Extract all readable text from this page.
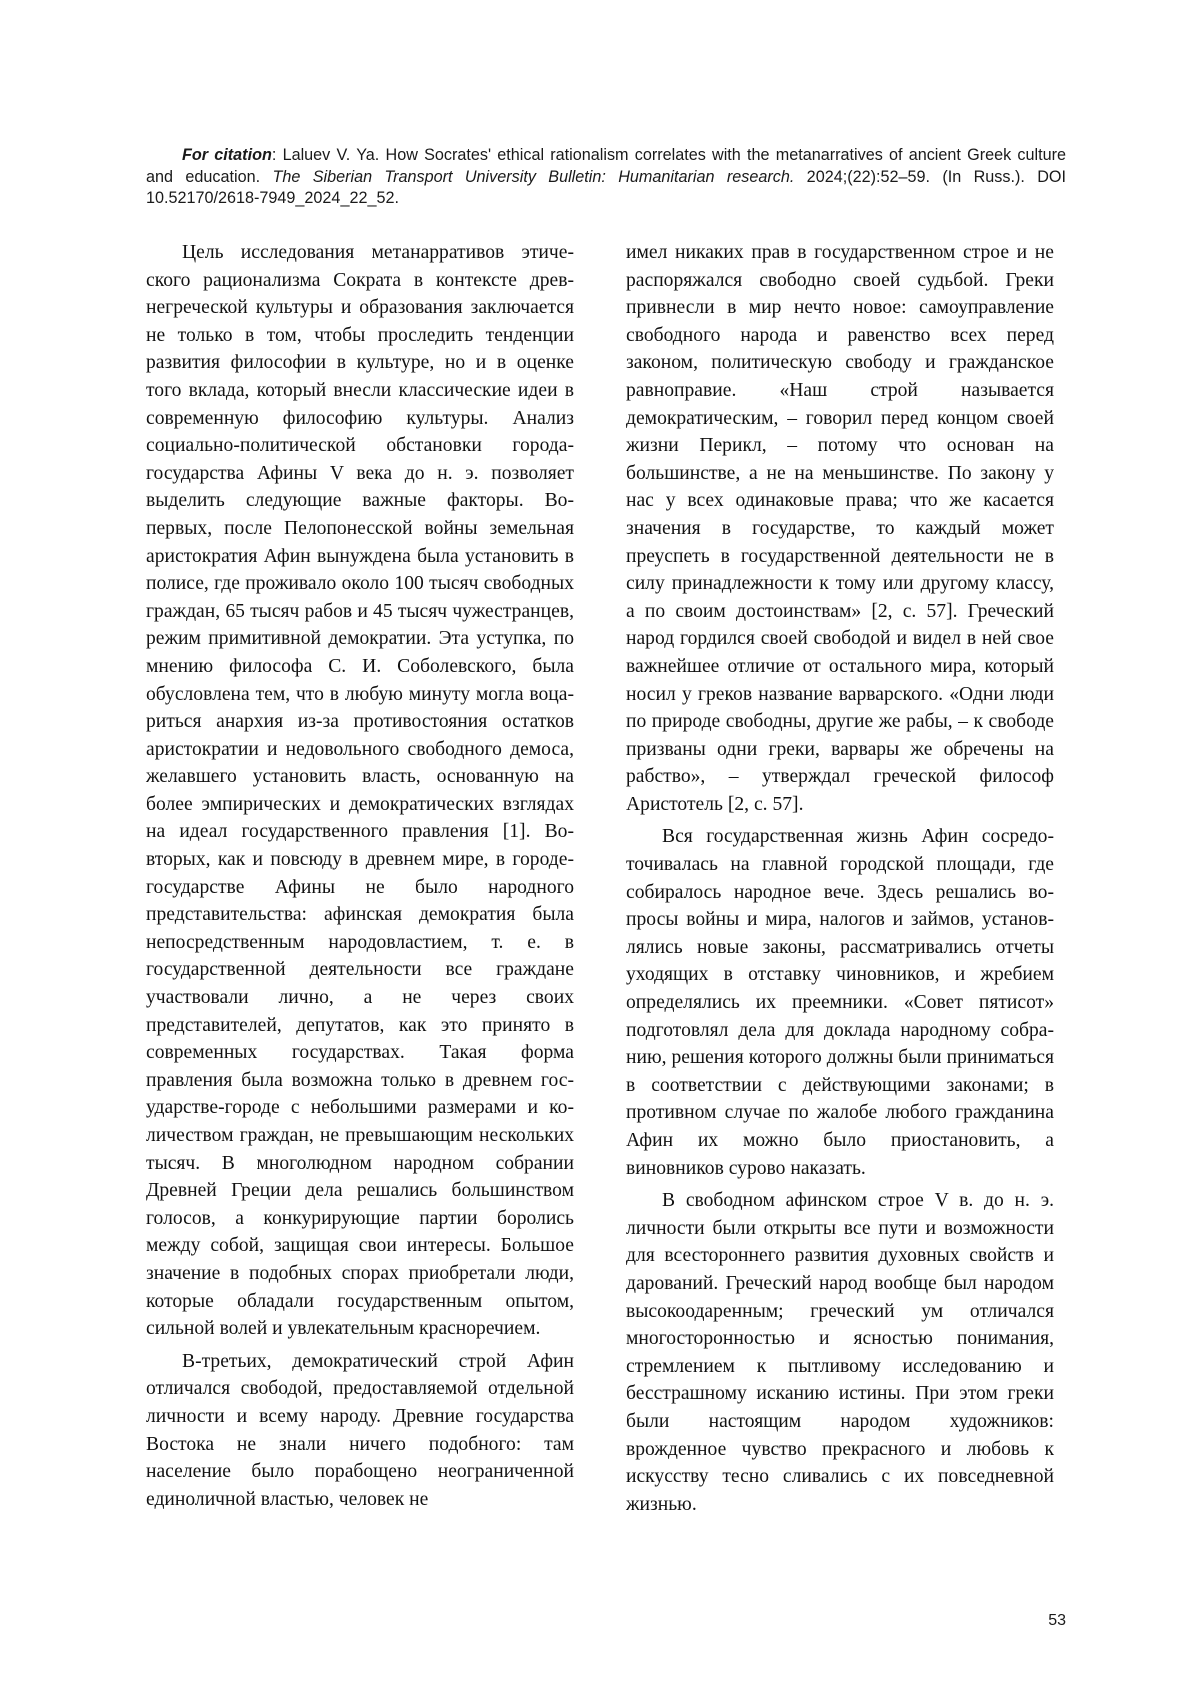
For citation: Laluev V. Ya. How Socrates' ethical rationalism correlates with the metanarratives of ancient Greek culture and education. The Siberian Transport University Bulletin: Humanitarian research. 2024;(22):52–59. (In Russ.). DOI 10.52170/2618-7949_2024_22_52.

Цель исследования метанарративов этического рационализма Сократа в контексте древнегреческой культуры и образования заключается не только в том, чтобы проследить тенденции развития философии в культуре, но и в оценке того вклада, который внесли классические идеи в современную философию культуры. Анализ социально-политической обстановки города-государства Афины V века до н. э. позволяет выделить следующие важные факторы. Во-первых, после Пелопонесской войны земельная аристократия Афин вынуждена была установить в полисе, где проживало около 100 тысяч свободных граждан, 65 тысяч рабов и 45 тысяч чужестранцев, режим примитивной демократии. Эта уступка, по мнению философа С. И. Соболевского, была обусловлена тем, что в любую минуту могла воцариться анархия из-за противостояния остатков аристократии и недовольного свободного демоса, желавшего установить власть, основанную на более эмпирических и демократических взглядах на идеал государственного правления [1]. Во-вторых, как и повсюду в древнем мире, в городе-государстве Афины не было народного представительства: афинская демократия была непосредственным народовластием, т. е. в государственной деятельности все граждане участвовали лично, а не через своих представителей, депутатов, как это принято в современных государствах. Такая форма правления была возможна только в древнем государстве-городе с небольшими размерами и количеством граждан, не превышающим нескольких тысяч. В многолюдном народном собрании Древней Греции дела решались большинством голосов, а конкурирующие партии боролись между собой, защищая свои интересы. Большое значение в подобных спорах приобретали люди, которые обладали государственным опытом, сильной волей и увлекательным красноречием.

В-третьих, демократический строй Афин отличался свободой, предоставляемой отдельной личности и всему народу. Древние государства Востока не знали ничего подобного: там население было порабощено неограниченной единоличной властью, человек не

имел никаких прав в государственном строе и не распоряжался свободно своей судьбой. Греки привнесли в мир нечто новое: самоуправление свободного народа и равенство всех перед законом, политическую свободу и гражданское равноправие. «Наш строй называется демократическим, – говорил перед концом своей жизни Перикл, – потому что основан на большинстве, а не на меньшинстве. По закону у нас у всех одинаковые права; что же касается значения в государстве, то каждый может преуспеть в государственной деятельности не в силу принадлежности к тому или другому классу, а по своим достоинствам» [2, с. 57]. Греческий народ гордился своей свободой и видел в ней свое важнейшее отличие от остального мира, который носил у греков название варварского. «Одни люди по природе свободны, другие же рабы, – к свободе призваны одни греки, варвары же обречены на рабство», – утверждал греческой философ Аристотель [2, с. 57].

Вся государственная жизнь Афин сосредоточивалась на главной городской площади, где собиралось народное вече. Здесь решались вопросы войны и мира, налогов и займов, установлялись новые законы, рассматривались отчеты уходящих в отставку чиновников, и жребием определялись их преемники. «Совет пятисот» подготовлял дела для доклада народному собранию, решения которого должны были приниматься в соответствии с действующими законами; в противном случае по жалобе любого гражданина Афин их можно было приостановить, а виновников сурово наказать.

В свободном афинском строе V в. до н. э. личности были открыты все пути и возможности для всестороннего развития духовных свойств и дарований. Греческий народ вообще был народом высокоодаренным; греческий ум отличался многосторонностью и ясностью понимания, стремлением к пытливому исследованию и бесстрашному исканию истины. При этом греки были настоящим народом художников: врожденное чувство прекрасного и любовь к искусству тесно сливались с их повседневной жизнью.

53
